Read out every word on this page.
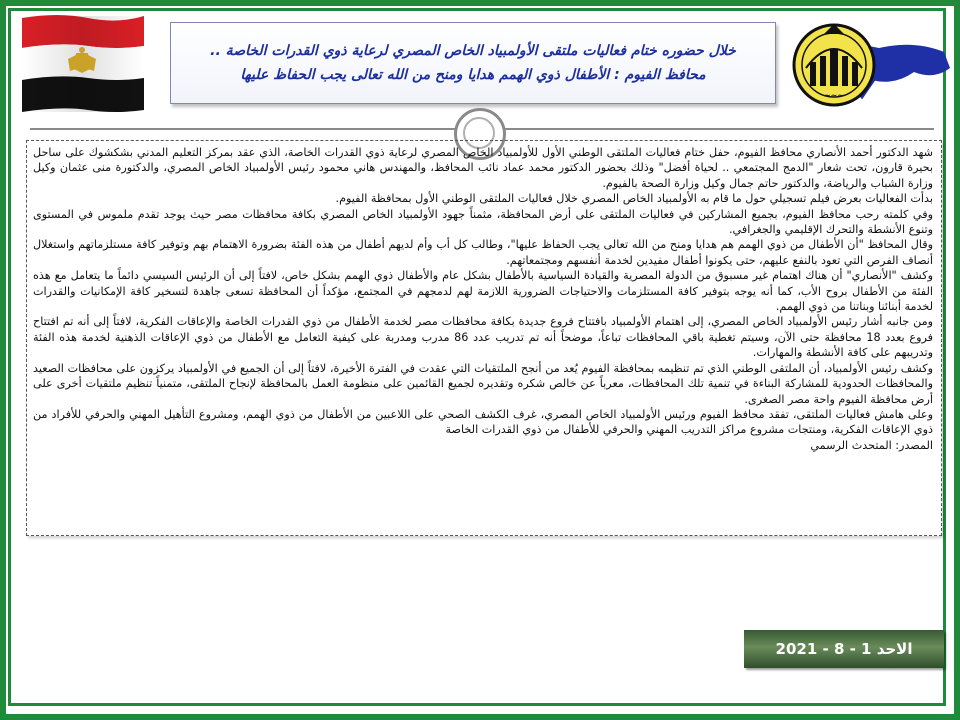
~~~
خلال حضوره ختام فعاليات ملتقى الأولمبياد الخاص المصري لرعاية ذوي القدرات الخاصة ..
محافظ الفيوم : الأطفال ذوي الهمم هدايا ومنح من الله تعالى يجب الحفاظ عليها

شهد الدكتور أحمد الأنصاري محافظ الفيوم، حفل ختام فعاليات الملتقى الوطني الأول للأولمبياد الخاص المصري لرعاية ذوي القدرات الخاصة، الذي عقد بمركز التعليم المدني بشكشوك على ساحل بحيرة قارون، تحت شعار "الدمج المجتمعي .. لحياة أفضل" وذلك بحضور الدكتور محمد عماد نائب المحافظ، والمهندس هاني محمود رئيس الأولمبياد الخاص المصري، والدكتورة منى عثمان وكيل وزارة الشباب والرياضة، والدكتور حاتم جمال وكيل وزارة الصحة بالفيوم.

بدأت الفعاليات بعرض فيلم تسجيلي حول ما قام به الأولمبياد الخاص المصري خلال فعاليات الملتقى الوطني الأول بمحافظة الفيوم.

وفي كلمته رحب محافظ الفيوم، بجميع المشاركين في فعاليات الملتقى على أرض المحافظة، مثمناً جهود الأولمبياد الخاص المصري بكافة محافظات مصر حيث يوجد تقدم ملموس في المستوى وتنوع الأنشطة والتحرك الإقليمي والجغرافي.

وقال المحافظ "أن الأطفال من ذوي الهمم هم هدايا ومنح من الله تعالى يجب الحفاظ عليها"، وطالب كل أب وأم لديهم أطفال من هذه الفئة بضرورة الاهتمام بهم وتوفير كافة مستلزماتهم واستغلال أنصاف الفرص التي تعود بالنفع عليهم، حتى يكونوا أطفال مفيدين لخدمة أنفسهم ومجتمعاتهم.

وكشف "الأنصاري" أن هناك اهتمام غير مسبوق من الدولة المصرية والقيادة السياسية بالأطفال بشكل عام والأطفال ذوي الهمم بشكل خاص، لافتاً إلى أن الرئيس السيسي دائماً ما يتعامل مع هذه الفئة من الأطفال بروح الأب، كما أنه يوجه بتوفير كافة المستلزمات والاحتياجات الضرورية اللازمة لهم لدمجهم في المجتمع، مؤكداً أن المحافظة تسعى جاهدة لتسخير كافة الإمكانيات والقدرات لخدمة أبنائنا وبناتنا من ذوي الهمم.

ومن جانبه أشار رئيس الأولمبياد الخاص المصري، إلى اهتمام الأولمبياد بافتتاح فروع جديدة بكافة محافظات مصر لخدمة الأطفال من ذوي القدرات الخاصة والإعاقات الفكرية، لافتاً إلى أنه تم افتتاح فروع بعدد 18 محافظة حتى الآن، وسيتم تغطية باقي المحافظات تباعاً، موضحاً أنه تم تدريب عدد 86 مدرب ومدربة على كيفية التعامل مع الأطفال من ذوي الإعاقات الذهنية لخدمة هذه الفئة وتدريبهم على كافة الأنشطة والمهارات.

وكشف رئيس الأولمبياد، أن الملتقى الوطني الذي تم تنظيمه بمحافظة الفيوم يُعد من أنجح الملتقيات التي عقدت في الفترة الأخيرة، لافتاً إلى أن الجميع في الأولمبياد يركزون على محافظات الصعيد والمحافظات الحدودية للمشاركة البناءة في تنمية تلك المحافظات، معرباً عن خالص شكره وتقديره لجميع القائمين على منظومة العمل بالمحافظة لإنجاح الملتقى، متمنياً تنظيم ملتقيات أخرى على أرض محافظة الفيوم واحة مصر الصغرى.

وعلى هامش فعاليات الملتقى، تفقد محافظ الفيوم ورئيس الأولمبياد الخاص المصري، غرف الكشف الصحي على اللاعبين من الأطفال من ذوي الهمم، ومشروع التأهيل المهني والحرفي للأفراد من ذوي الإعاقات الفكرية، ومنتجات مشروع مراكز التدريب المهني والحرفي للأطفال من ذوي القدرات الخاصة

المصدر: المتحدث الرسمي

الاحد 1 - 8 - 2021
